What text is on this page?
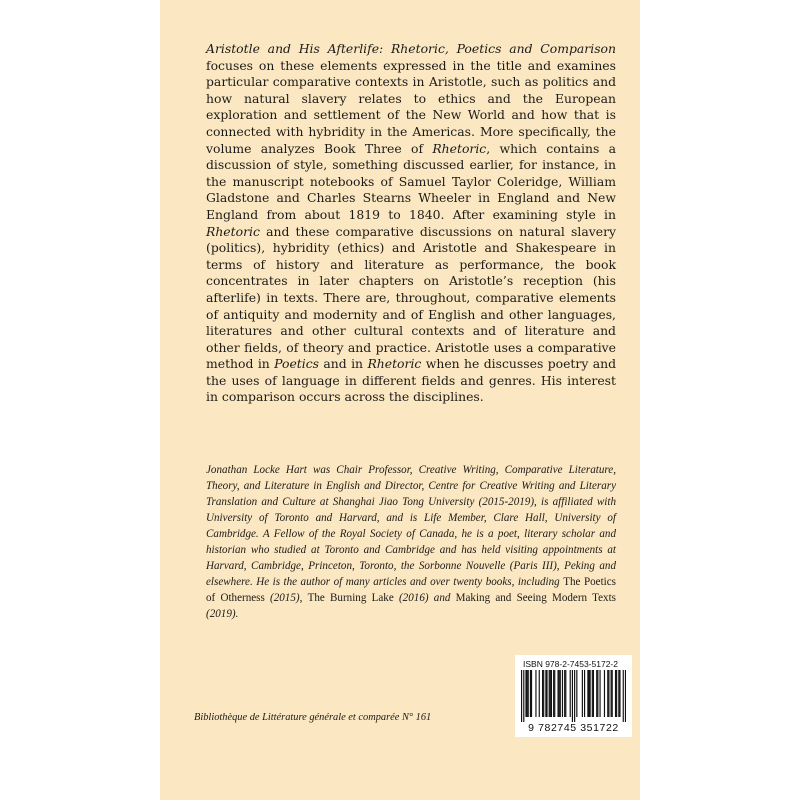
Aristotle and His Afterlife: Rhetoric, Poetics and Comparison focuses on these elements expressed in the title and examines particular comparative contexts in Aristotle, such as politics and how natural slavery relates to ethics and the European exploration and settlement of the New World and how that is connected with hybridity in the Americas. More specifically, the volume analyzes Book Three of Rhetoric, which contains a discussion of style, something discussed earlier, for instance, in the manuscript notebooks of Samuel Taylor Coleridge, William Gladstone and Charles Stearns Wheeler in England and New England from about 1819 to 1840. After examining style in Rhetoric and these comparative discussions on natural slavery (politics), hybridity (ethics) and Aristotle and Shakespeare in terms of history and literature as performance, the book concentrates in later chapters on Aristotle’s reception (his afterlife) in texts. There are, throughout, comparative elements of antiquity and modernity and of English and other languages, literatures and other cultural contexts and of literature and other fields, of theory and practice. Aristotle uses a comparative method in Poetics and in Rhetoric when he discusses poetry and the uses of language in different fields and genres. His interest in comparison occurs across the disciplines.

Jonathan Locke Hart was Chair Professor, Creative Writing, Comparative Literature, Theory, and Literature in English and Director, Centre for Creative Writing and Literary Translation and Culture at Shanghai Jiao Tong University (2015-2019), is affiliated with University of Toronto and Harvard, and is Life Member, Clare Hall, University of Cambridge. A Fellow of the Royal Society of Canada, he is a poet, literary scholar and historian who studied at Toronto and Cambridge and has held visiting appointments at Harvard, Cambridge, Princeton, Toronto, the Sorbonne Nouvelle (Paris III), Peking and elsewhere. He is the author of many articles and over twenty books, including The Poetics of Otherness (2015), The Burning Lake (2016) and Making and Seeing Modern Texts (2019).

Bibliothèque de Littérature générale et comparée N° 161
ISBN 978-2-7453-5172-2
9 782745 351722
